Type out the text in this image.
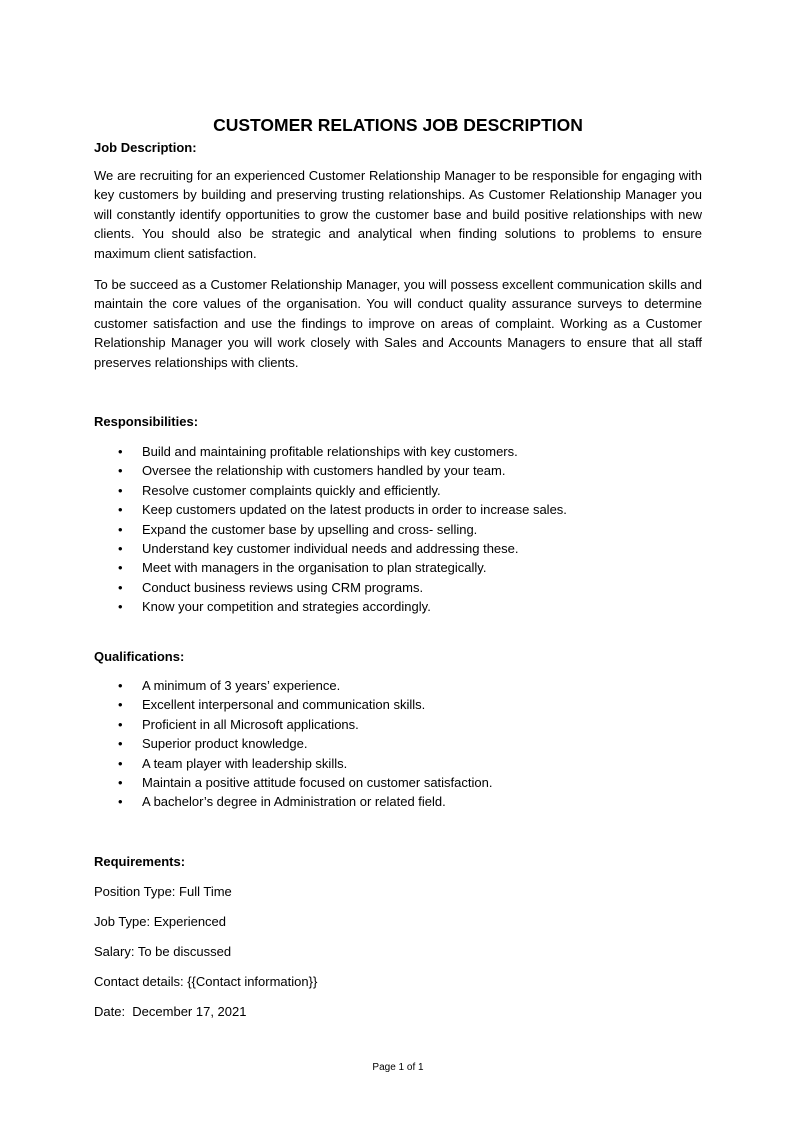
CUSTOMER RELATIONS JOB DESCRIPTION
Job Description:
We are recruiting for an experienced Customer Relationship Manager to be responsible for engaging with key customers by building and preserving trusting relationships. As Customer Relationship Manager you will constantly identify opportunities to grow the customer base and build positive relationships with new clients. You should also be strategic and analytical when finding solutions to problems to ensure maximum client satisfaction.
To be succeed as a Customer Relationship Manager, you will possess excellent communication skills and maintain the core values of the organisation. You will conduct quality assurance surveys to determine customer satisfaction and use the findings to improve on areas of complaint. Working as a Customer Relationship Manager you will work closely with Sales and Accounts Managers to ensure that all staff preserves relationships with clients.
Responsibilities:
• Build and maintaining profitable relationships with key customers.
• Oversee the relationship with customers handled by your team.
• Resolve customer complaints quickly and efficiently.
• Keep customers updated on the latest products in order to increase sales.
• Expand the customer base by upselling and cross- selling.
• Understand key customer individual needs and addressing these.
• Meet with managers in the organisation to plan strategically.
• Conduct business reviews using CRM programs.
• Know your competition and strategies accordingly.
Qualifications:
• A minimum of 3 years’ experience.
• Excellent interpersonal and communication skills.
• Proficient in all Microsoft applications.
• Superior product knowledge.
• A team player with leadership skills.
• Maintain a positive attitude focused on customer satisfaction.
• A bachelor’s degree in Administration or related field.
Requirements:
Position Type: Full Time
Job Type: Experienced
Salary: To be discussed
Contact details: {{Contact information}}
Date:  December 17, 2021
Page 1 of 1
